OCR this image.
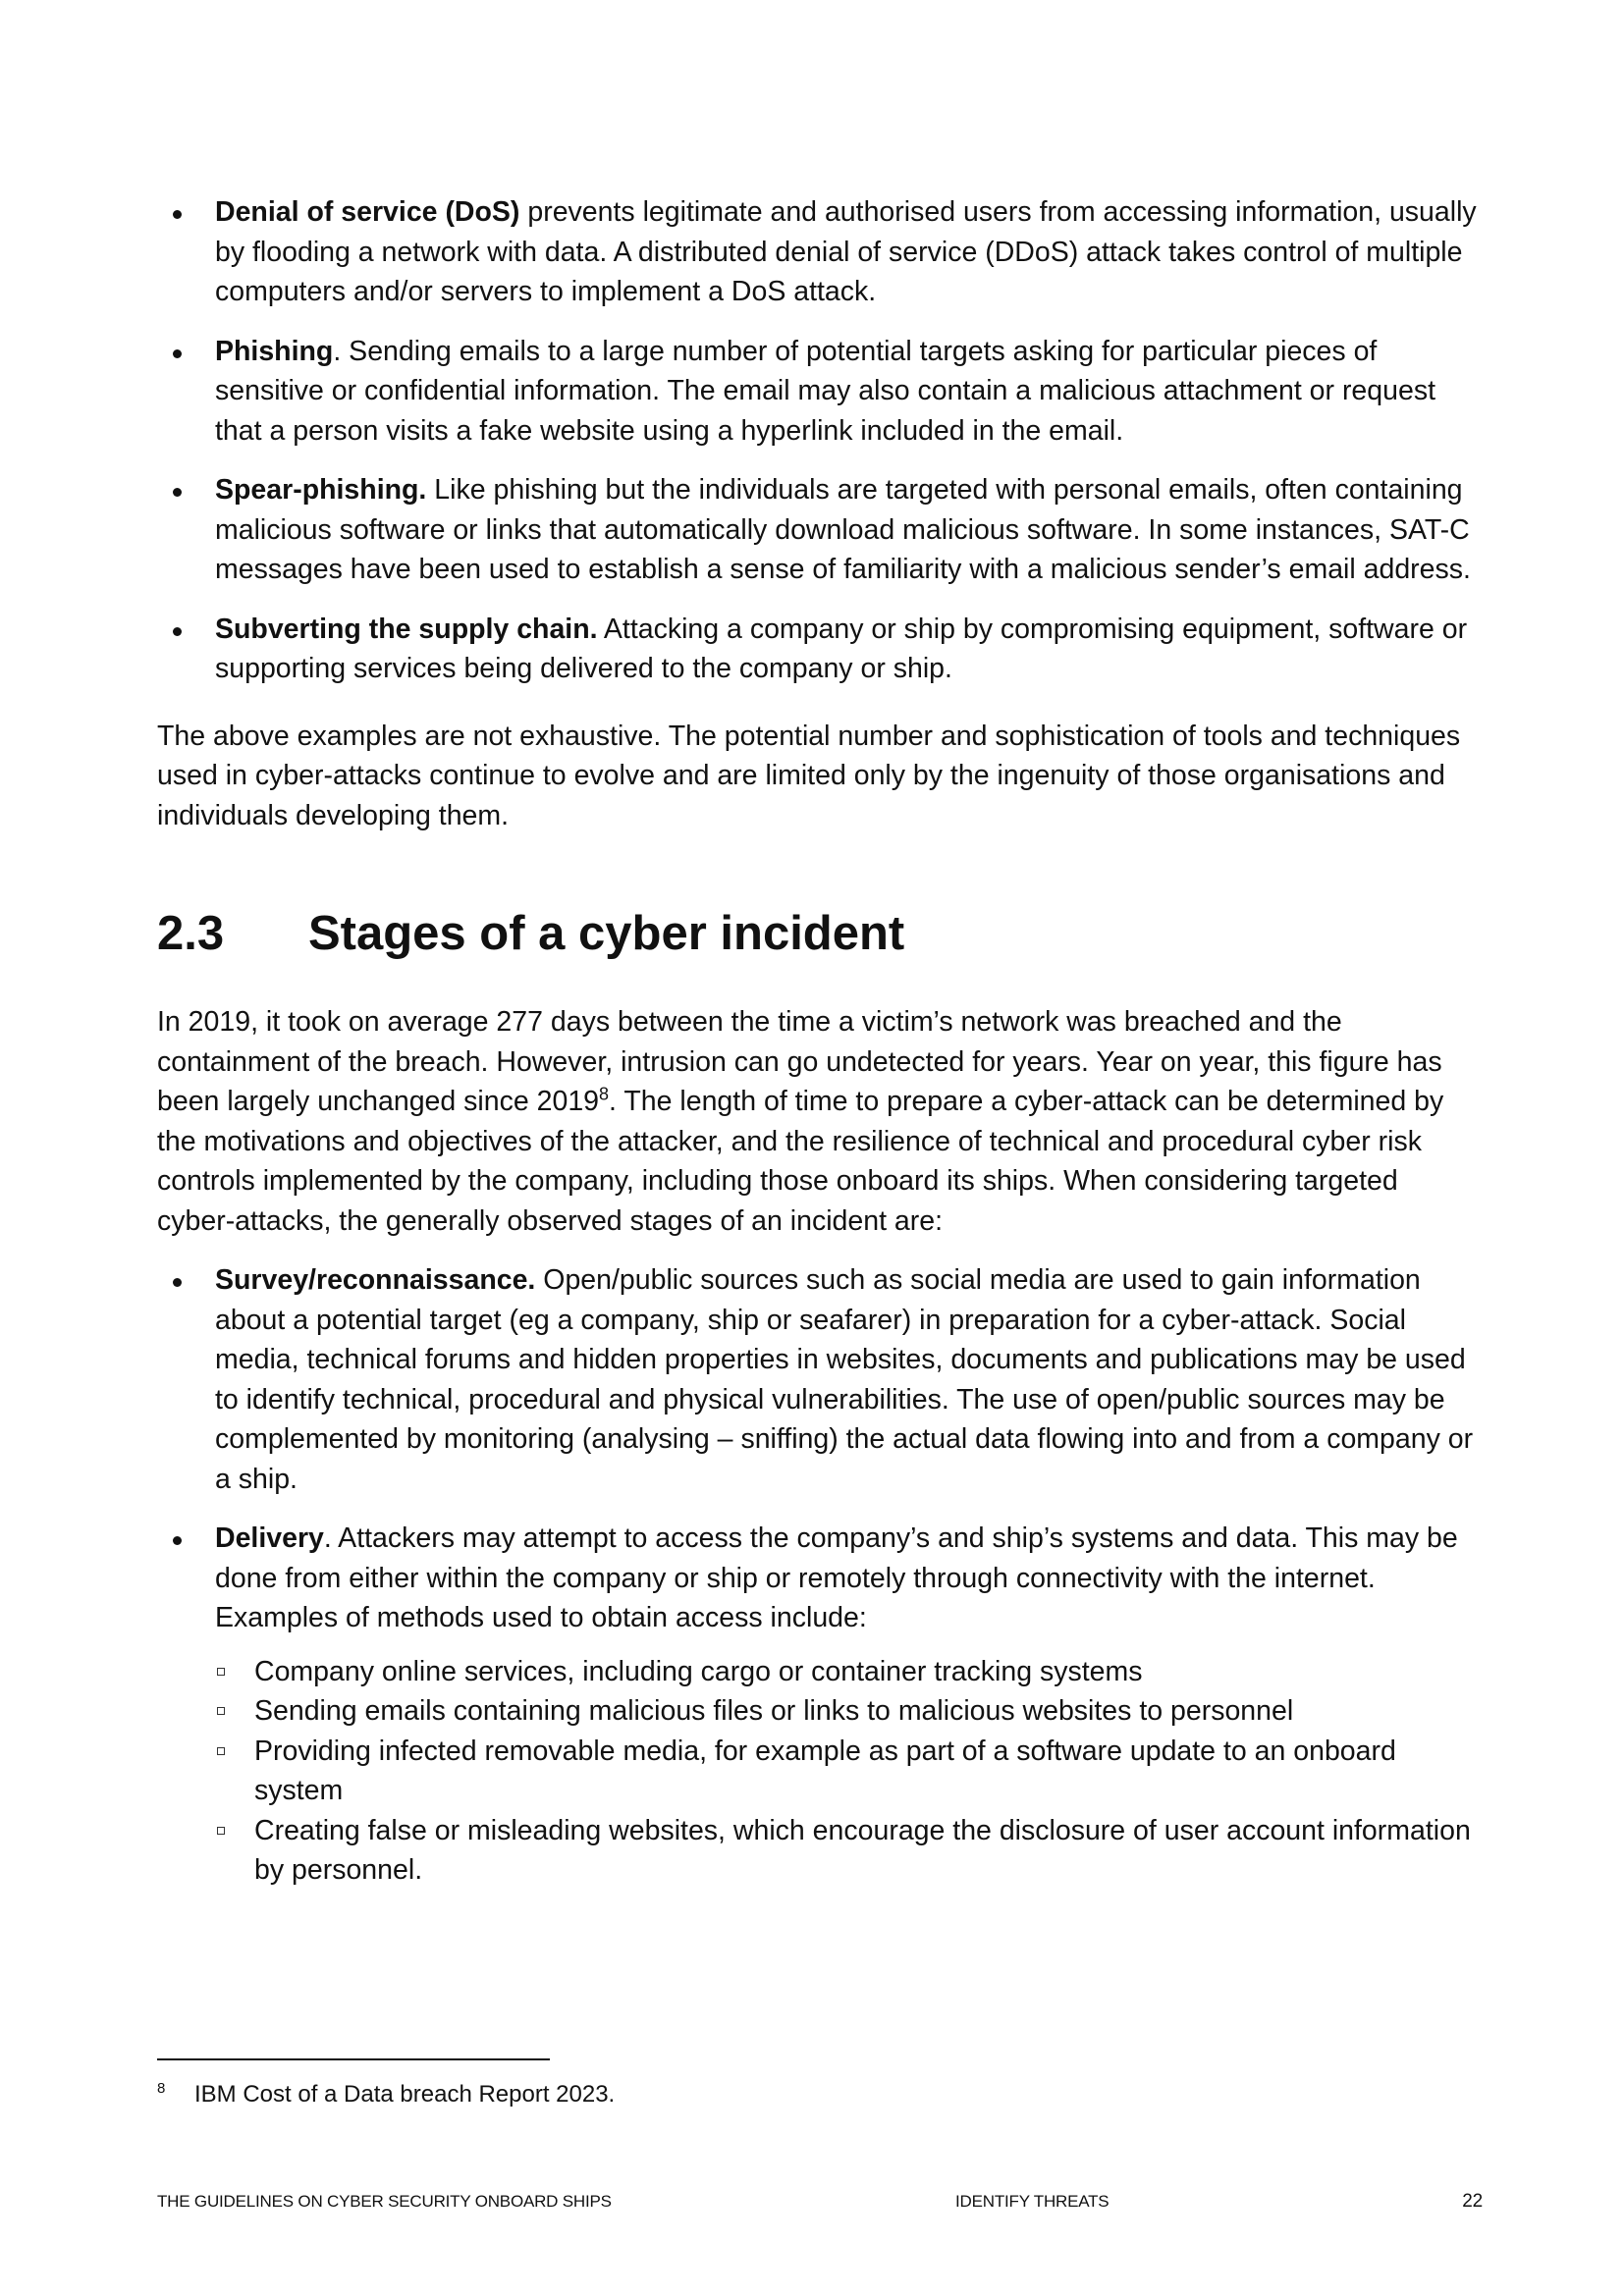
Denial of service (DoS) prevents legitimate and authorised users from accessing information, usually by flooding a network with data. A distributed denial of service (DDoS) attack takes control of multiple computers and/or servers to implement a DoS attack.
Phishing. Sending emails to a large number of potential targets asking for particular pieces of sensitive or confidential information. The email may also contain a malicious attachment or request that a person visits a fake website using a hyperlink included in the email.
Spear-phishing. Like phishing but the individuals are targeted with personal emails, often containing malicious software or links that automatically download malicious software. In some instances, SAT-C messages have been used to establish a sense of familiarity with a malicious sender’s email address.
Subverting the supply chain. Attacking a company or ship by compromising equipment, software or supporting services being delivered to the company or ship.

The above examples are not exhaustive. The potential number and sophistication of tools and techniques used in cyber-attacks continue to evolve and are limited only by the ingenuity of those organisations and individuals developing them.

2.3 Stages of a cyber incident

In 2019, it took on average 277 days between the time a victim’s network was breached and the containment of the breach. However, intrusion can go undetected for years. Year on year, this figure has been largely unchanged since 2019$^8$. The length of time to prepare a cyber-attack can be determined by the motivations and objectives of the attacker, and the resilience of technical and procedural cyber risk controls implemented by the company, including those onboard its ships. When considering targeted cyber-attacks, the generally observed stages of an incident are:

Survey/reconnaissance. Open/public sources such as social media are used to gain information about a potential target (eg a company, ship or seafarer) in preparation for a cyber-attack. Social media, technical forums and hidden properties in websites, documents and publications may be used to identify technical, procedural and physical vulnerabilities. The use of open/public sources may be complemented by monitoring (analysing – sniffing) the actual data flowing into and from a company or a ship.
Delivery. Attackers may attempt to access the company’s and ship’s systems and data. This may be done from either within the company or ship or remotely through connectivity with the internet. Examples of methods used to obtain access include:
Company online services, including cargo or container tracking systems
Sending emails containing malicious files or links to malicious websites to personnel
Providing infected removable media, for example as part of a software update to an onboard system
Creating false or misleading websites, which encourage the disclosure of user account information by personnel.
8 IBM Cost of a Data breach Report 2023.
THE GUIDELINES ON CYBER SECURITY ONBOARD SHIPS	IDENTIFY THREATS	22
